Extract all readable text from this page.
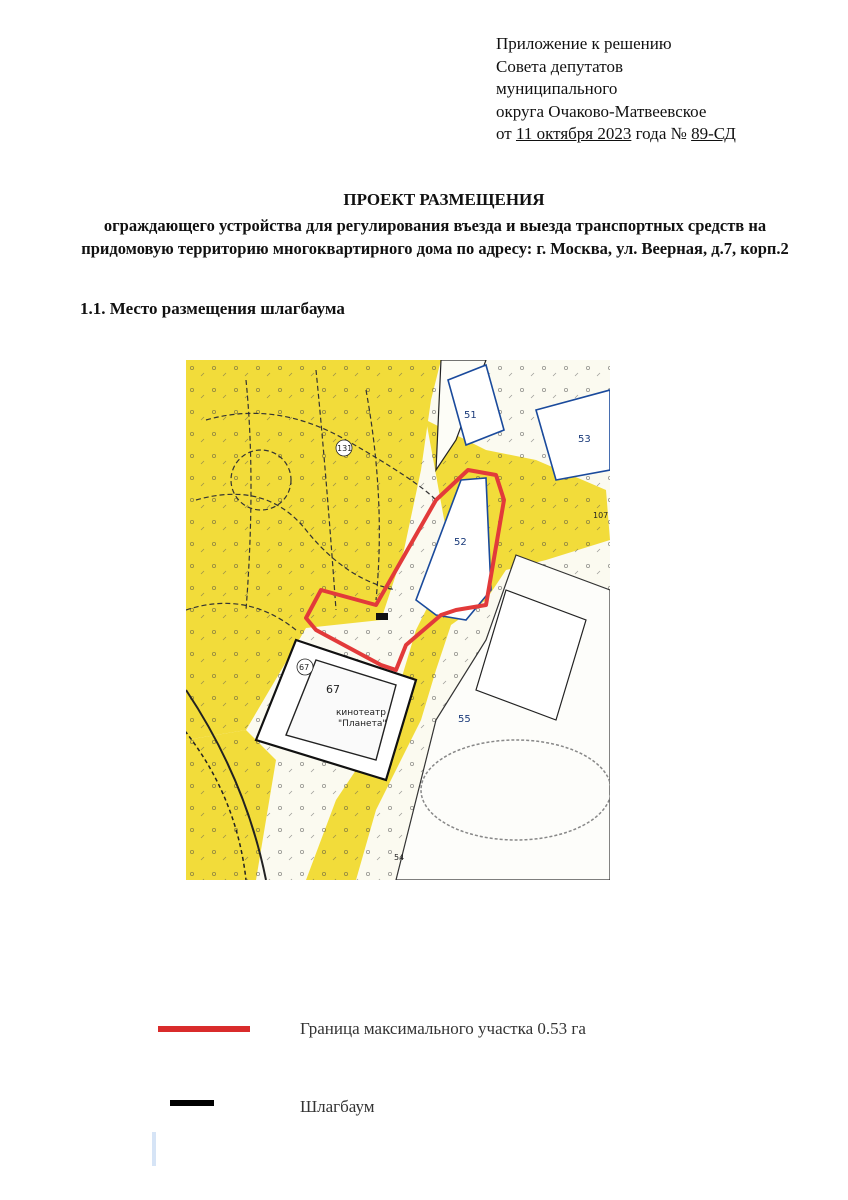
Приложение к решению
Совета депутатов
муниципального
округа Очаково-Матвеевское
от 11 октября 2023 года № 89-СД
ПРОЕКТ РАЗМЕЩЕНИЯ
ограждающего устройства для регулирования въезда и выезда транспортных средств на придомовую территорию многоквартирного дома по адресу: г. Москва, ул. Веерная, д.7, корп.2
1.1. Место размещения шлагбаума
51
53
52
55
131
107
67
67
кинотеатр
"Планета"
54
Граница максимального участка 0.53 га
Шлагбаум
